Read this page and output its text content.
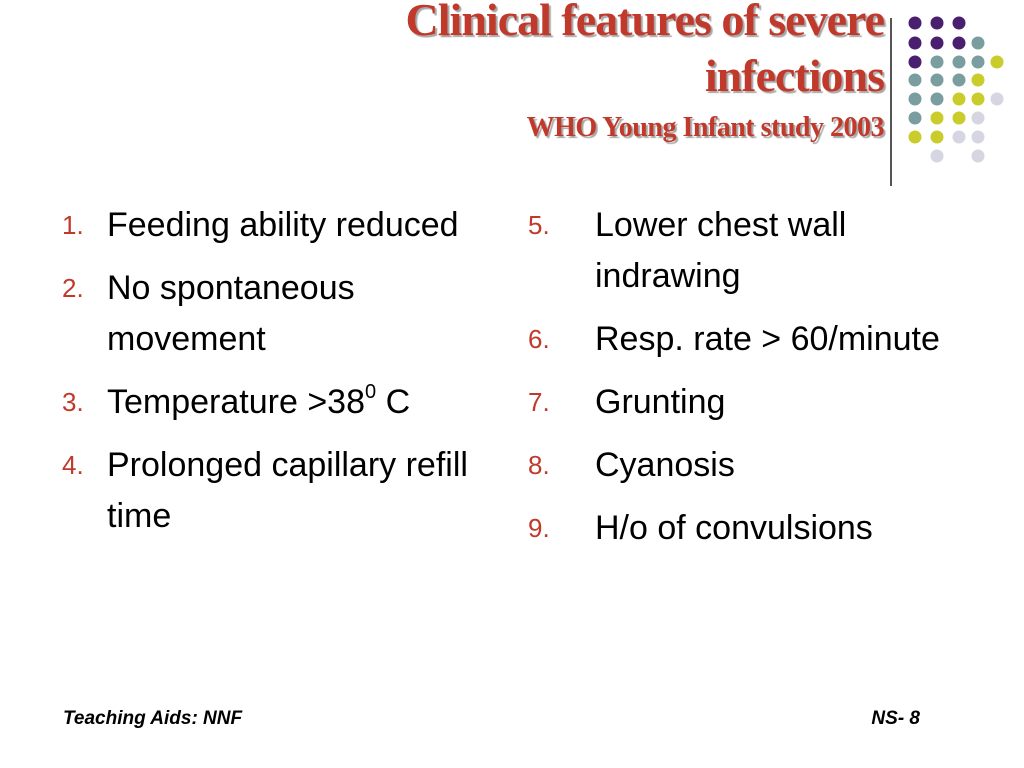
Clinical features of severe
infections
WHO Young Infant study 2003
1. Feeding ability reduced
2. No spontaneous movement
3. Temperature $>38^0$ C
4. Prolonged capillary refill time
5. Lower chest wall indrawing
6. Resp. rate > 60/minute
7. Grunting
8. Cyanosis
9. H/o of convulsions
Teaching Aids: NNF	NS- 8
